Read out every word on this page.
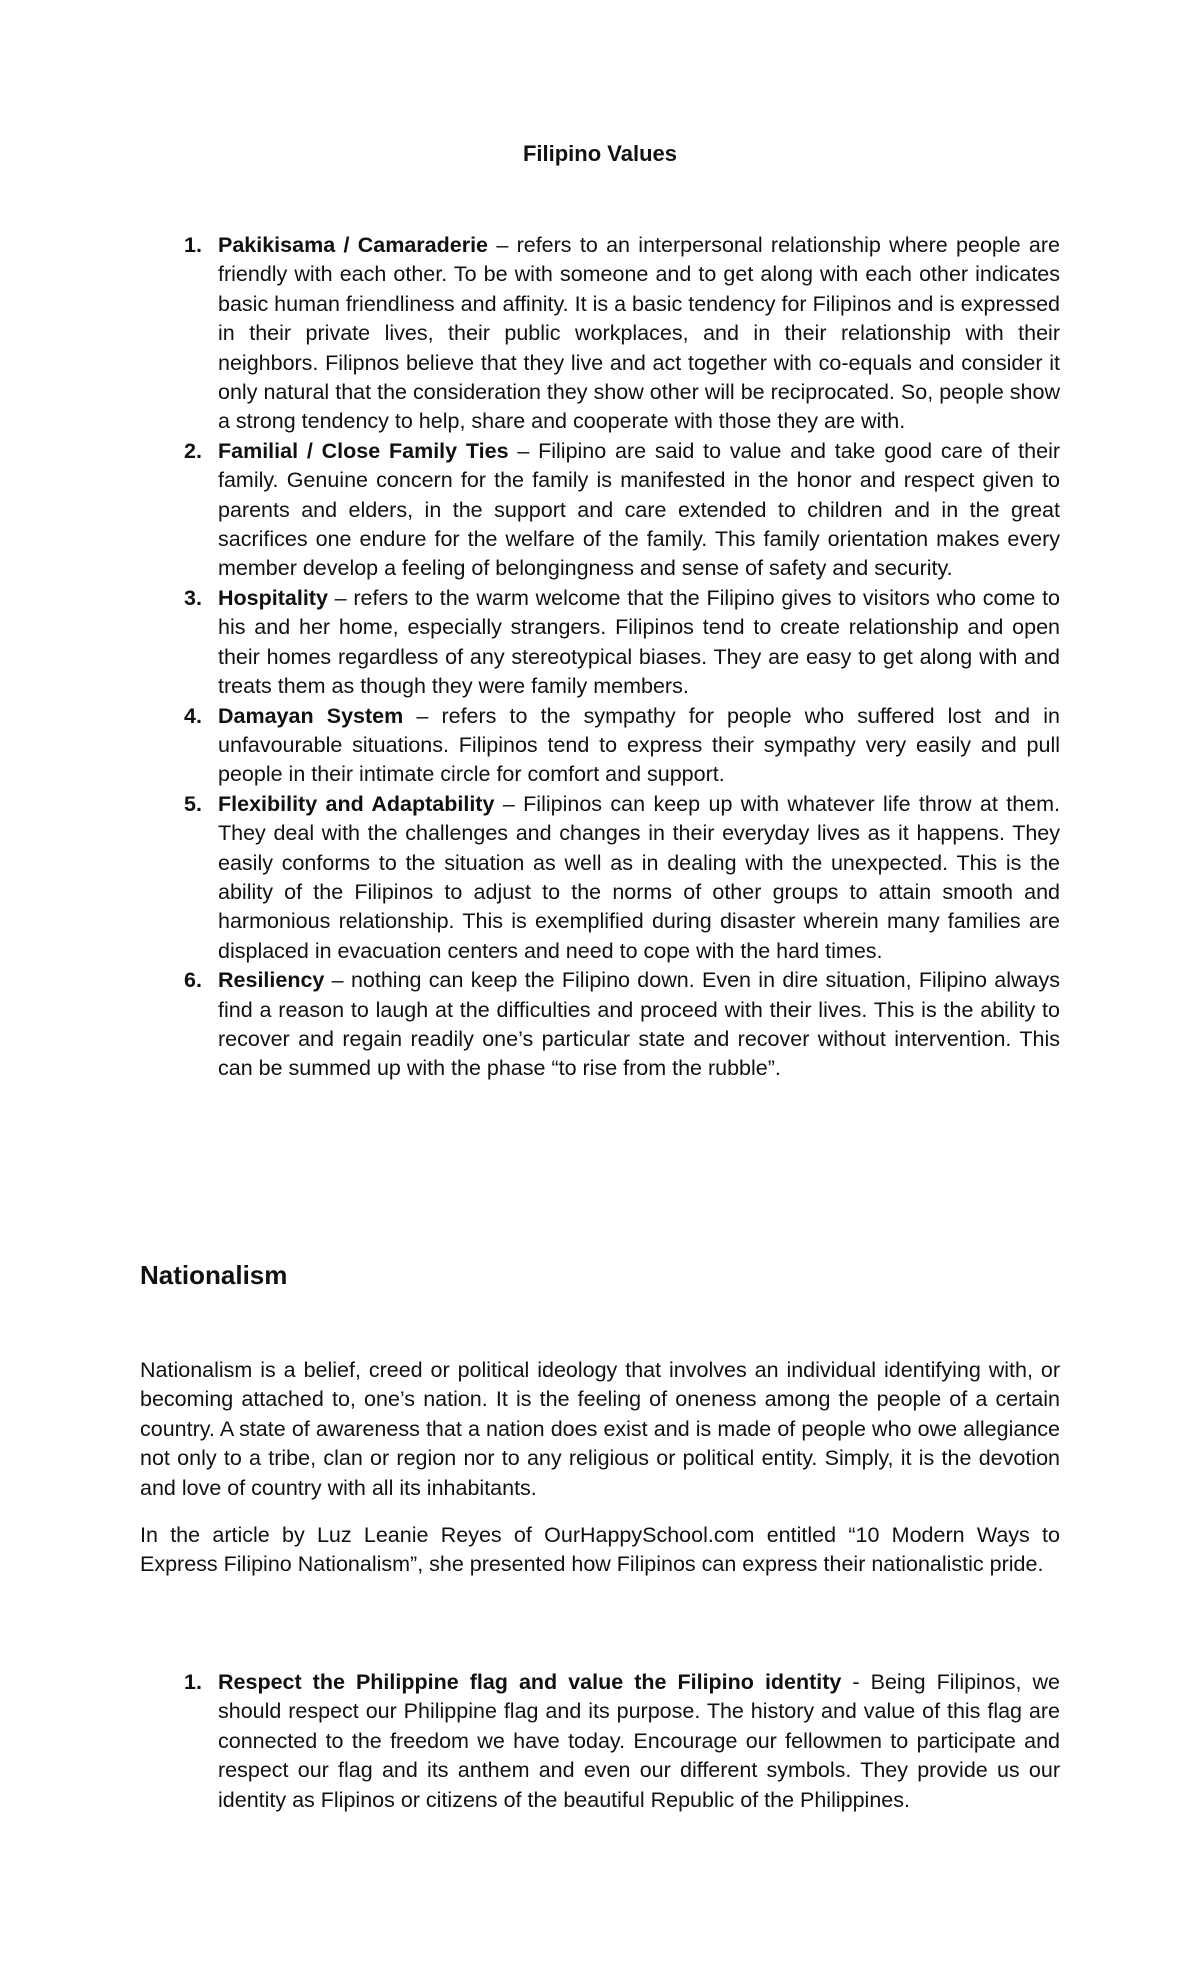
Filipino Values
1. Pakikisama / Camaraderie – refers to an interpersonal relationship where people are friendly with each other. To be with someone and to get along with each other indicates basic human friendliness and affinity. It is a basic tendency for Filipinos and is expressed in their private lives, their public workplaces, and in their relationship with their neighbors. Filipnos believe that they live and act together with co-equals and consider it only natural that the consideration they show other will be reciprocated. So, people show a strong tendency to help, share and cooperate with those they are with.
2. Familial / Close Family Ties – Filipino are said to value and take good care of their family. Genuine concern for the family is manifested in the honor and respect given to parents and elders, in the support and care extended to children and in the great sacrifices one endure for the welfare of the family. This family orientation makes every member develop a feeling of belongingness and sense of safety and security.
3. Hospitality – refers to the warm welcome that the Filipino gives to visitors who come to his and her home, especially strangers. Filipinos tend to create relationship and open their homes regardless of any stereotypical biases. They are easy to get along with and treats them as though they were family members.
4. Damayan System – refers to the sympathy for people who suffered lost and in unfavourable situations. Filipinos tend to express their sympathy very easily and pull people in their intimate circle for comfort and support.
5. Flexibility and Adaptability – Filipinos can keep up with whatever life throw at them. They deal with the challenges and changes in their everyday lives as it happens. They easily conforms to the situation as well as in dealing with the unexpected. This is the ability of the Filipinos to adjust to the norms of other groups to attain smooth and harmonious relationship. This is exemplified during disaster wherein many families are displaced in evacuation centers and need to cope with the hard times.
6. Resiliency – nothing can keep the Filipino down. Even in dire situation, Filipino always find a reason to laugh at the difficulties and proceed with their lives. This is the ability to recover and regain readily one’s particular state and recover without intervention. This can be summed up with the phase “to rise from the rubble”.
Nationalism

Nationalism is a belief, creed or political ideology that involves an individual identifying with, or becoming attached to, one’s nation. It is the feeling of oneness among the people of a certain country. A state of awareness that a nation does exist and is made of people who owe allegiance not only to a tribe, clan or region nor to any religious or political entity. Simply, it is the devotion and love of country with all its inhabitants.

In the article by Luz Leanie Reyes of OurHappySchool.com entitled “10 Modern Ways to Express Filipino Nationalism”, she presented how Filipinos can express their nationalistic pride.

1. Respect the Philippine flag and value the Filipino identity - Being Filipinos, we should respect our Philippine flag and its purpose. The history and value of this flag are connected to the freedom we have today. Encourage our fellowmen to participate and respect our flag and its anthem and even our different symbols. They provide us our identity as Flipinos or citizens of the beautiful Republic of the Philippines.
